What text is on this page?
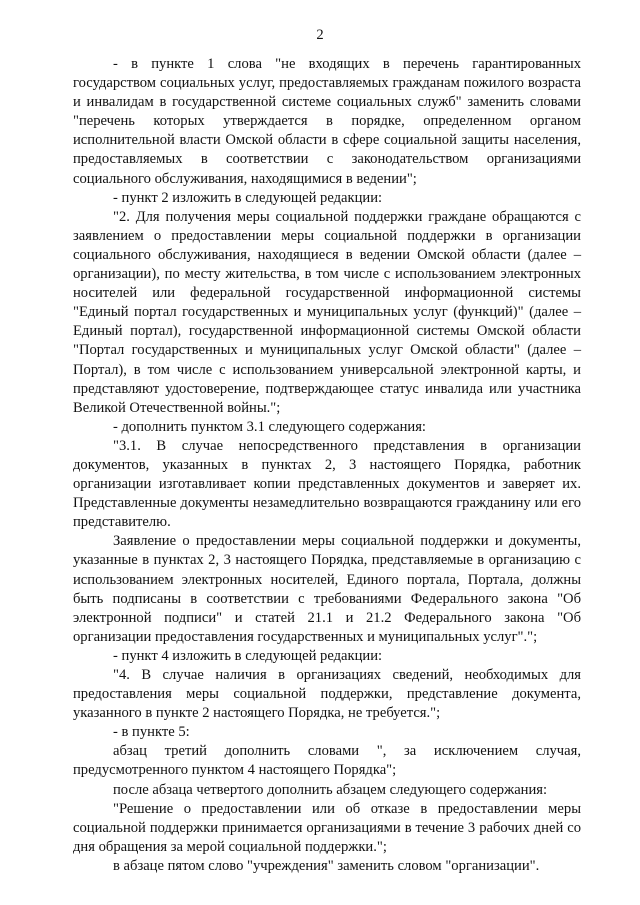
2

- в пункте 1 слова "не входящих в перечень гарантированных государством социальных услуг, предоставляемых гражданам пожилого возраста и инвалидам в государственной системе социальных служб" заменить словами "перечень которых утверждается в порядке, определенном органом исполнительной власти Омской области в сфере социальной защиты населения, предоставляемых в соответствии с законодательством организациями социального обслуживания, находящимися в ведении";

- пункт 2 изложить в следующей редакции:

"2. Для получения меры социальной поддержки граждане обращаются с заявлением о предоставлении меры социальной поддержки в организации социального обслуживания, находящиеся в ведении Омской области (далее – организации), по месту жительства, в том числе с использованием электронных носителей или федеральной государственной информационной системы "Единый портал государственных и муниципальных услуг (функций)" (далее – Единый портал), государственной информационной системы Омской области "Портал государственных и муниципальных услуг Омской области" (далее – Портал), в том числе с использованием универсальной электронной карты, и представляют удостоверение, подтверждающее статус инвалида или участника Великой Отечественной войны.";

- дополнить пунктом 3.1 следующего содержания:

"3.1. В случае непосредственного представления в организации документов, указанных в пунктах 2, 3 настоящего Порядка, работник организации изготавливает копии представленных документов и заверяет их. Представленные документы незамедлительно возвращаются гражданину или его представителю.

Заявление о предоставлении меры социальной поддержки и документы, указанные в пунктах 2, 3 настоящего Порядка, представляемые в организацию с использованием электронных носителей, Единого портала, Портала, должны быть подписаны в соответствии с требованиями Федерального закона "Об электронной подписи" и статей 21.1 и 21.2 Федерального закона "Об организации предоставления государственных и муниципальных услуг".";

- пункт 4 изложить в следующей редакции:

"4. В случае наличия в организациях сведений, необходимых для предоставления меры социальной поддержки, представление документа, указанного в пункте 2 настоящего Порядка, не требуется.";

- в пункте 5:

абзац третий дополнить словами ", за исключением случая, предусмотренного пунктом 4 настоящего Порядка";

после абзаца четвертого дополнить абзацем следующего содержания:

"Решение о предоставлении или об отказе в предоставлении меры социальной поддержки принимается организациями в течение 3 рабочих дней со дня обращения за мерой социальной поддержки.";

в абзаце пятом слово "учреждения" заменить словом "организации".
